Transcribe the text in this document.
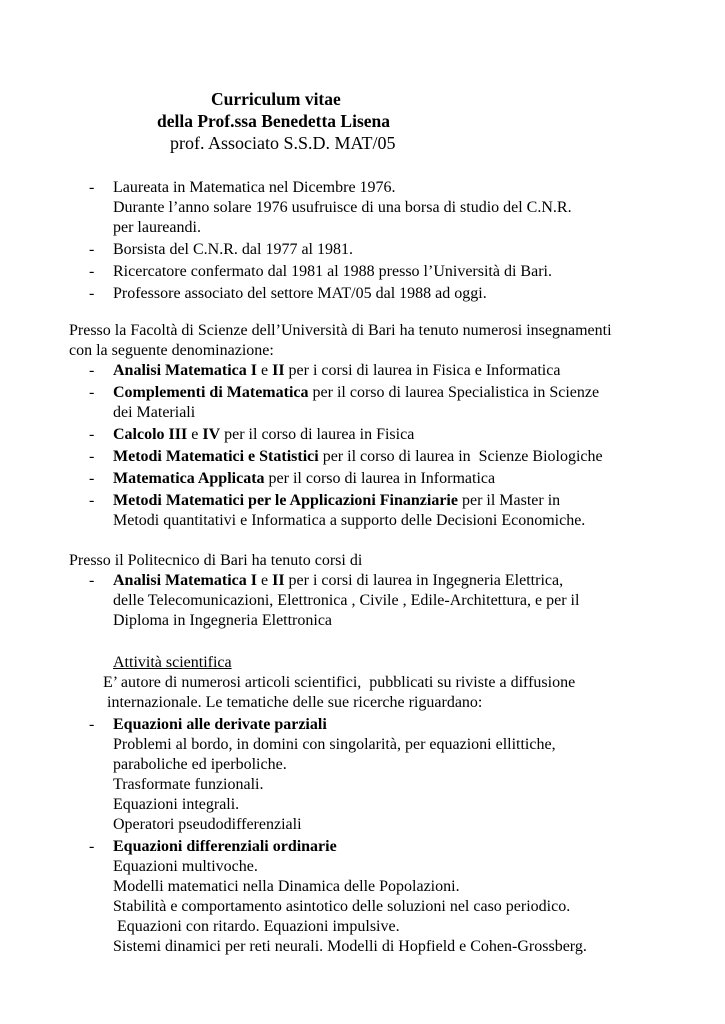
Curriculum vitae
della Prof.ssa Benedetta Lisena
prof. Associato S.S.D. MAT/05
- Laureata in Matematica nel Dicembre 1976.
Durante l’anno solare 1976 usufruisce di una borsa di studio del C.N.R.
per laureandi.
- Borsista del C.N.R. dal 1977 al 1981.
- Ricercatore confermato dal 1981 al 1988 presso l’Università di Bari.
- Professore associato del settore MAT/05 dal 1988 ad oggi.
Presso la Facoltà di Scienze dell’Università di Bari ha tenuto numerosi insegnamenti
con la seguente denominazione:
- Analisi Matematica I e II per i corsi di laurea in Fisica e Informatica
- Complementi di Matematica per il corso di laurea Specialistica in Scienze
dei Materiali
- Calcolo III e IV per il corso di laurea in Fisica
- Metodi Matematici e Statistici per il corso di laurea in  Scienze Biologiche
- Matematica Applicata per il corso di laurea in Informatica
- Metodi Matematici per le Applicazioni Finanziarie per il Master in
Metodi quantitativi e Informatica a supporto delle Decisioni Economiche.
Presso il Politecnico di Bari ha tenuto corsi di
- Analisi Matematica I e II per i corsi di laurea in Ingegneria Elettrica,
delle Telecomunicazioni, Elettronica , Civile , Edile-Architettura, e per il
Diploma in Ingegneria Elettronica
Attività scientifica
E’ autore di numerosi articoli scientifici,  pubblicati su riviste a diffusione
internazionale. Le tematiche delle sue ricerche riguardano:
- Equazioni alle derivate parziali
Problemi al bordo, in domini con singolarità, per equazioni ellittiche,
paraboliche ed iperboliche.
Trasformate funzionali.
Equazioni integrali.
Operatori pseudodifferenziali
- Equazioni differenziali ordinarie
Equazioni multivoche.
Modelli matematici nella Dinamica delle Popolazioni.
Stabilità e comportamento asintotico delle soluzioni nel caso periodico.
Equazioni con ritardo. Equazioni impulsive.
Sistemi dinamici per reti neurali. Modelli di Hopfield e Cohen-Grossberg.
